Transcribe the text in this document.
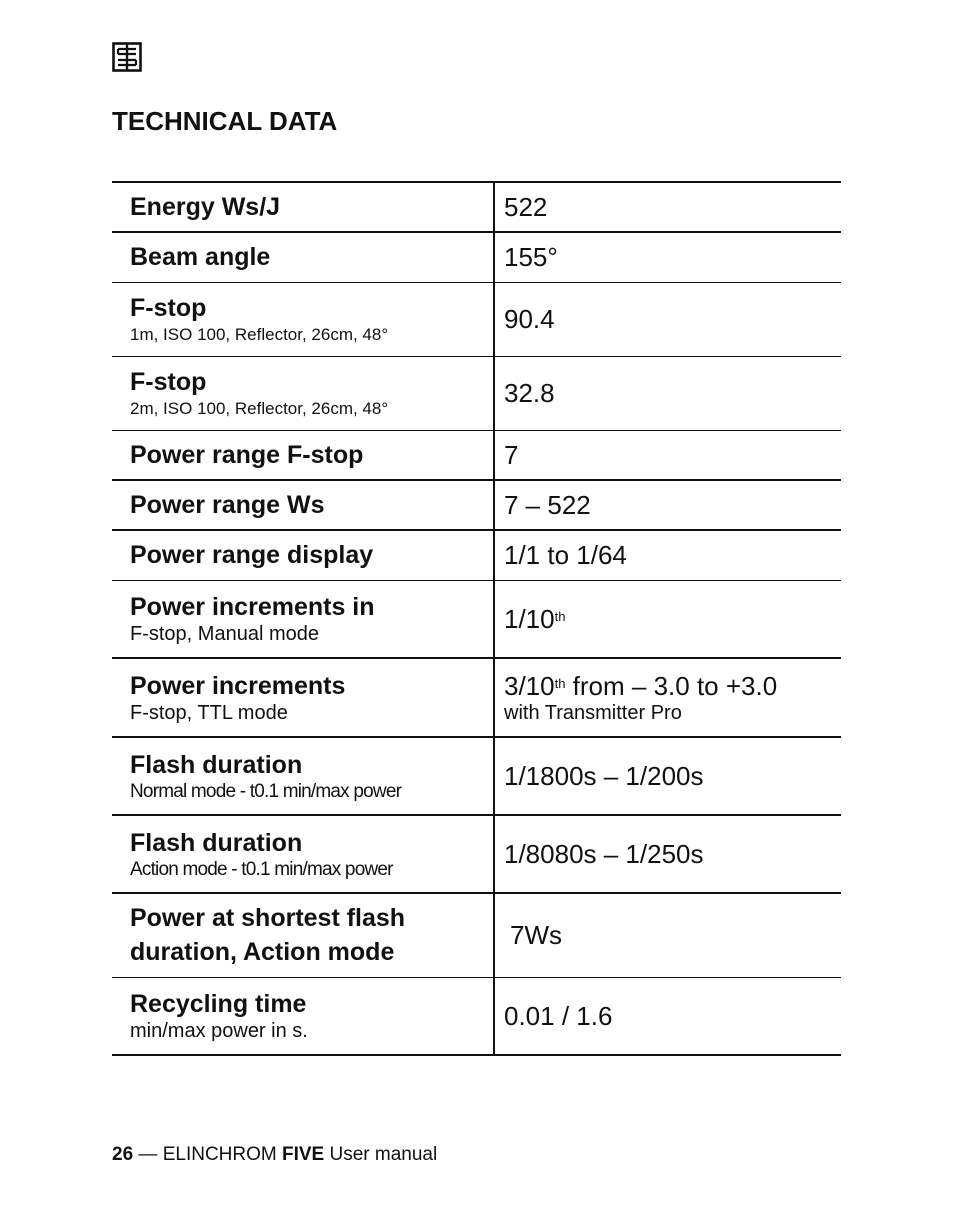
TECHNICAL DATA
Energy Ws/J	522

Beam angle	155°

F-stop
1m, ISO 100, Reflector, 26cm, 48°	90.4

F-stop
2m, ISO 100, Reflector, 26cm, 48°	32.8

Power range F-stop	7

Power range Ws	7 – 522

Power range display	1/1 to 1/64

Power increments in
F-stop, Manual mode	1/10th

Power increments
F-stop, TTL mode	3/10th from – 3.0 to +3.0
with Transmitter Pro

Flash duration
Normal mode - t0.1 min/max power	1/1800s – 1/200s

Flash duration
Action mode - t0.1 min/max power	1/8080s – 1/250s

Power at shortest flash
duration, Action mode	7Ws

Recycling time
min/max power in s.	0.01 / 1.6
26 — ELINCHROM FIVE User manual
